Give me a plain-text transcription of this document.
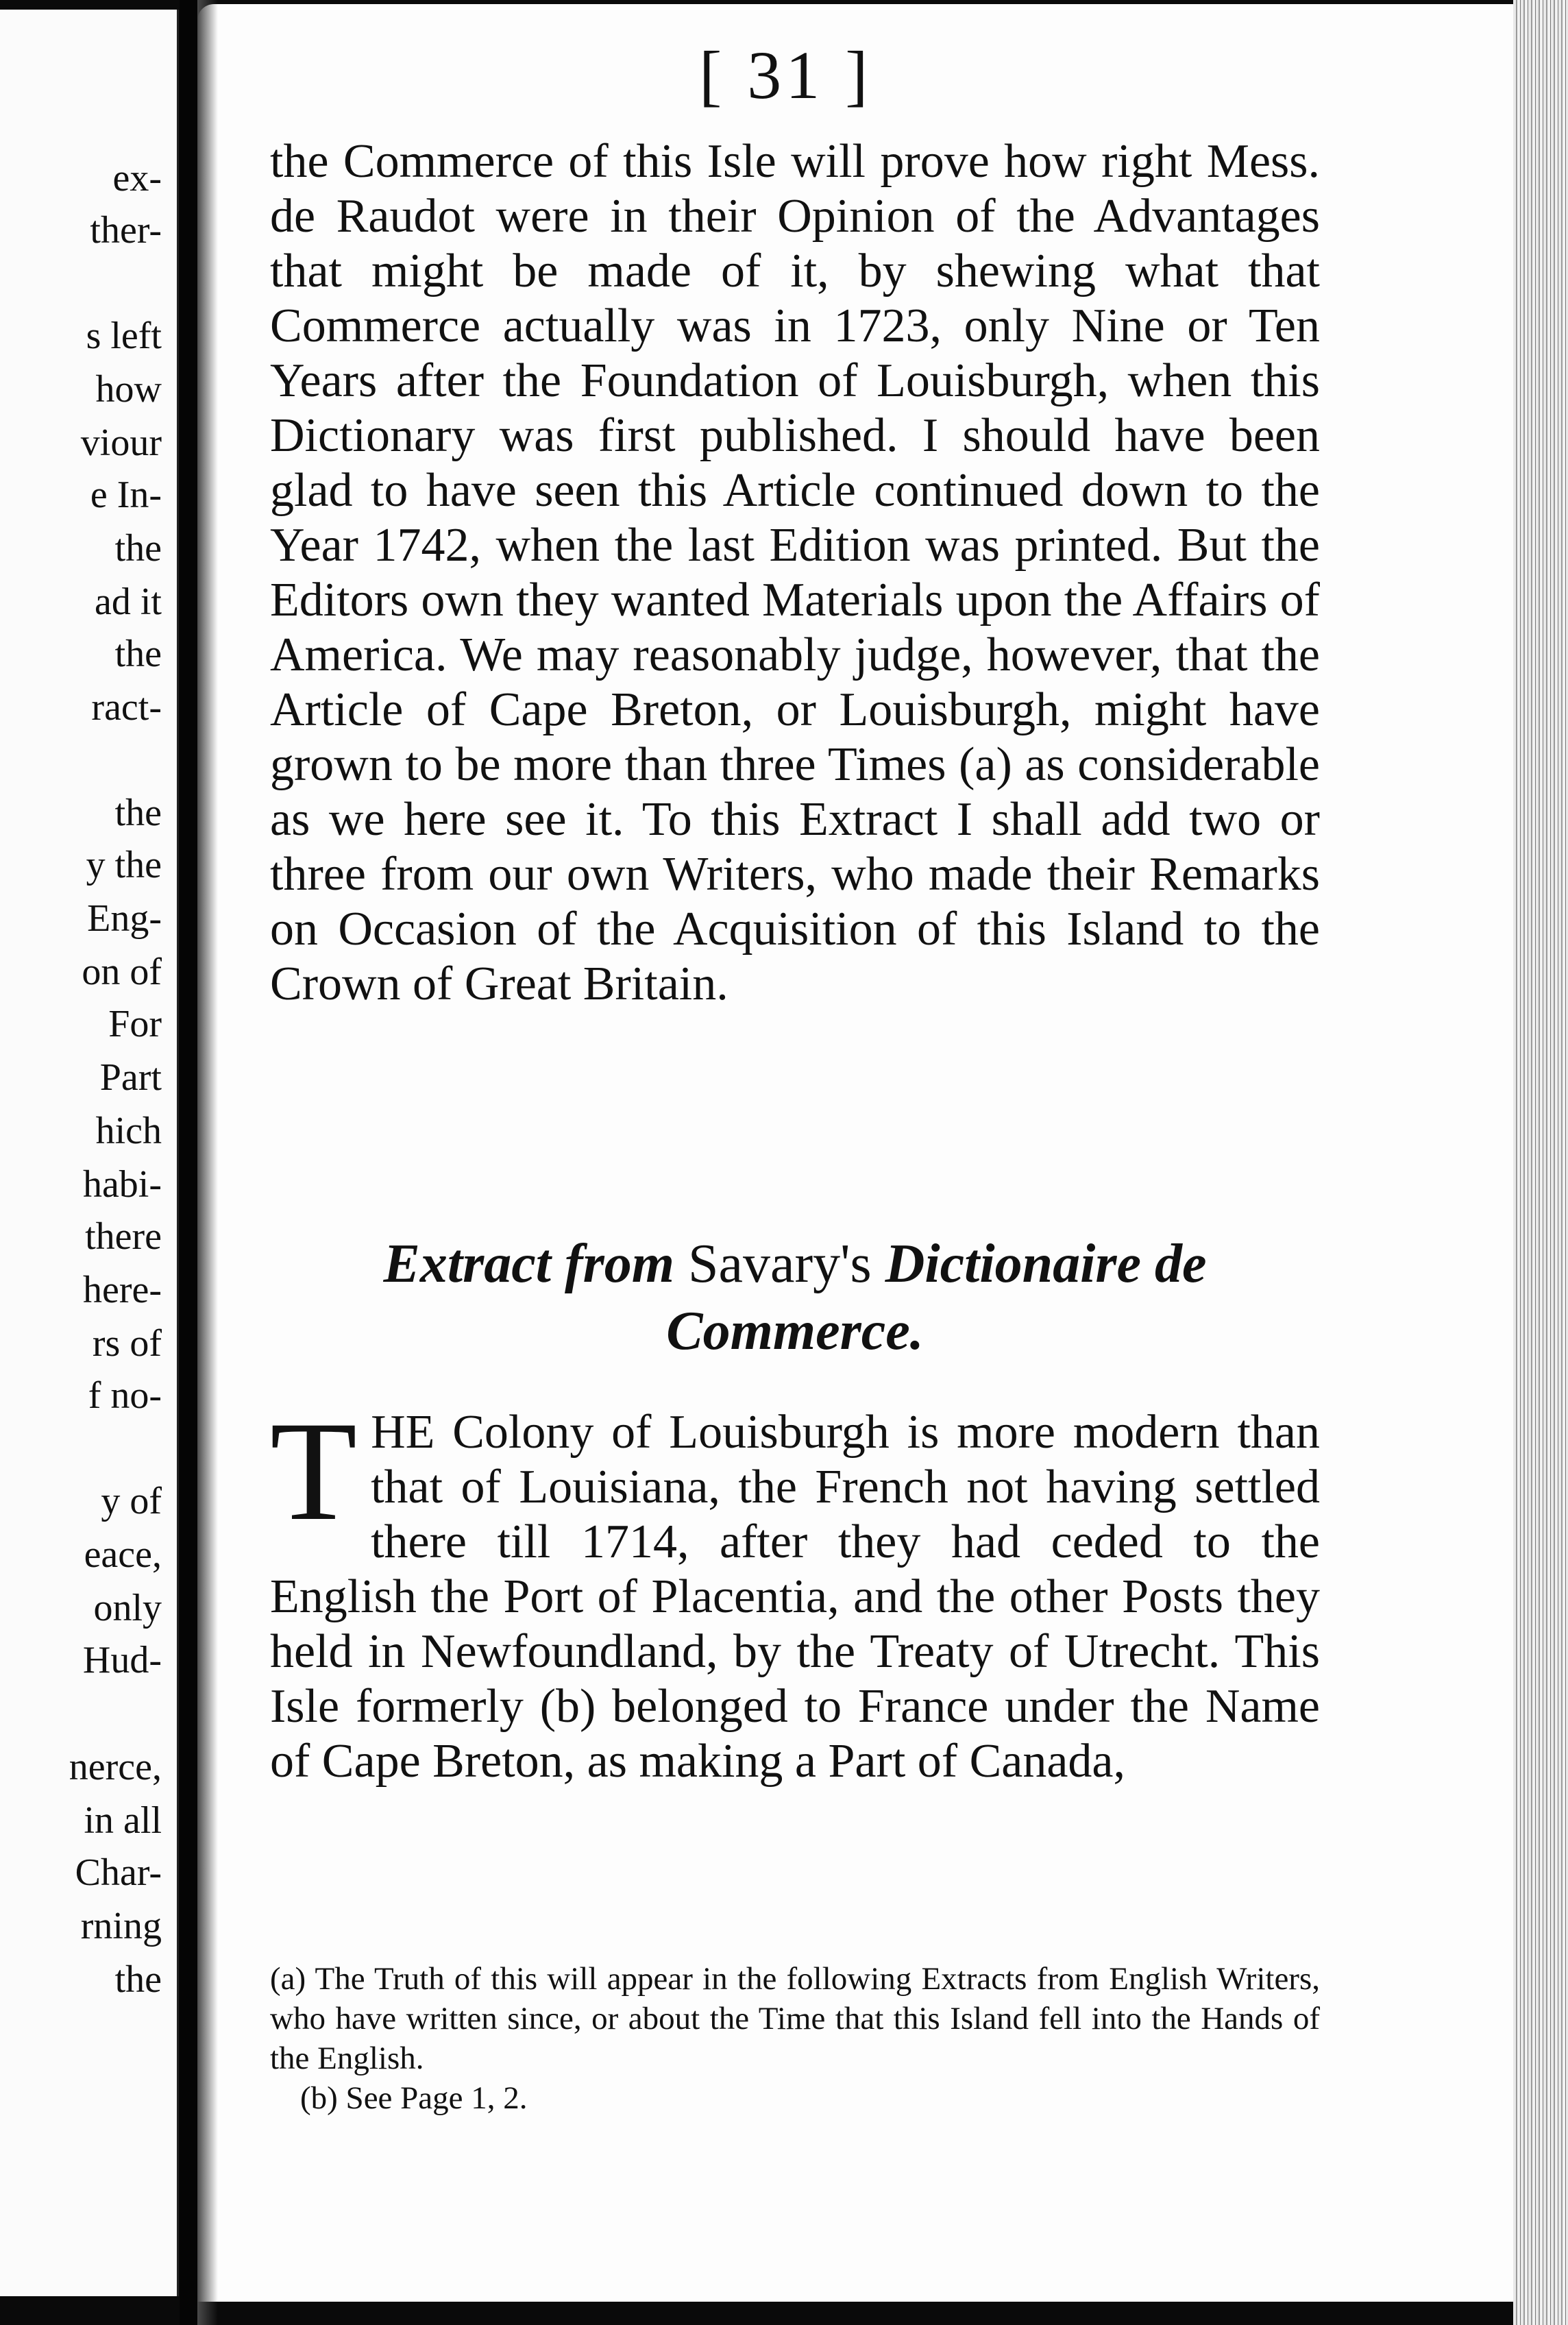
ex-
ther-
s left
how
viour
e In-
the
ad it
the
ract-
the
y the
Eng-
on of
For
Part
hich
habi-
there
here-
rs of
f no-
y of
eace,
only
Hud-
nerce,
in all
Char-
rning
the
[ 31 ]

the Commerce of this Isle will prove how right Mess. de Raudot were in their Opinion of the Advantages that might be made of it, by shewing what that Commerce actually was in 1723, only Nine or Ten Years after the Foundation of Louisburgh, when this Dictionary was first published. I should have been glad to have seen this Article continued down to the Year 1742, when the last Edition was printed. But the Editors own they wanted Materials upon the Affairs of America. We may reasonably judge, however, that the Article of Cape Breton, or Louisburgh, might have grown to be more than three Times (a) as considerable as we here see it. To this Extract I shall add two or three from our own Writers, who made their Remarks on Occasion of the Acquisition of this Island to the Crown of Great Britain.

Extract from Savary's Dictionaire de Commerce.

T HE Colony of Louisburgh is more modern than that of Louisiana, the French not having settled there till 1714, after they had ceded to the English the Port of Placentia, and the other Posts they held in Newfoundland, by the Treaty of Utrecht. This Isle formerly (b) belonged to France under the Name of Cape Breton, as making a Part of Canada,

(a) The Truth of this will appear in the following Extracts from English Writers, who have written since, or about the Time that this Island fell into the Hands of the English.

(b) See Page 1, 2.
